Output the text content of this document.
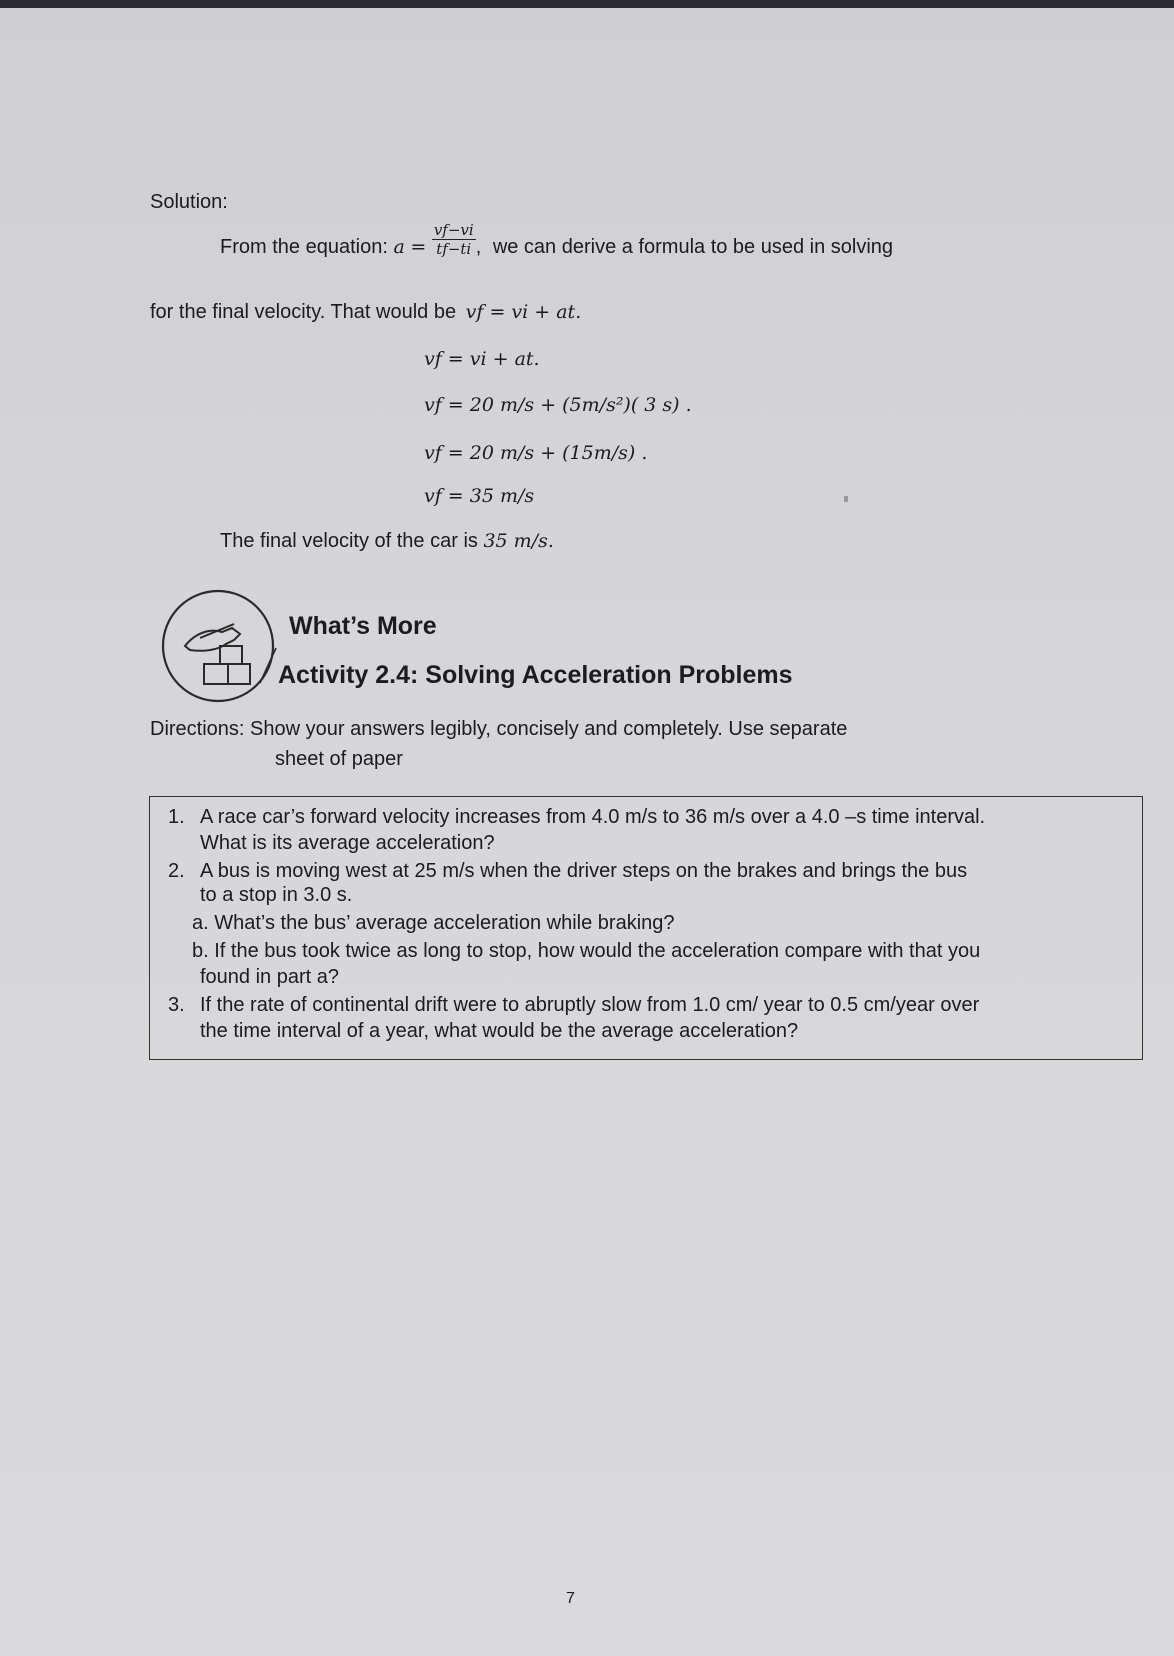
Solution:
From the equation: $a = \frac{vf-vi}{tf-ti}$ , we can derive a formula to be used in solving
for the final velocity. That would be vf = vi + at.
vf = vi + at.
vf = 20 m/s + (5m/s²)( 3 s) .
vf = 20 m/s + (15m/s) .
vf = 35 m/s
The final velocity of the car is 35 m/s.
What’s More
Activity 2.4: Solving Acceleration Problems
Directions: Show your answers legibly, concisely and completely. Use separate
sheet of paper
1. A race car’s forward velocity increases from 4.0 m/s to 36 m/s over a 4.0 –s time interval.
What is its average acceleration?
2. A bus is moving west at 25 m/s when the driver steps on the brakes and brings the bus
to a stop in 3.0 s.
a. What’s the bus’ average acceleration while braking?
b. If the bus took twice as long to stop, how would the acceleration compare with that you
found in part a?
3. If the rate of continental drift were to abruptly slow from 1.0 cm/ year to 0.5 cm/year over
the time interval of a year, what would be the average acceleration?
7
